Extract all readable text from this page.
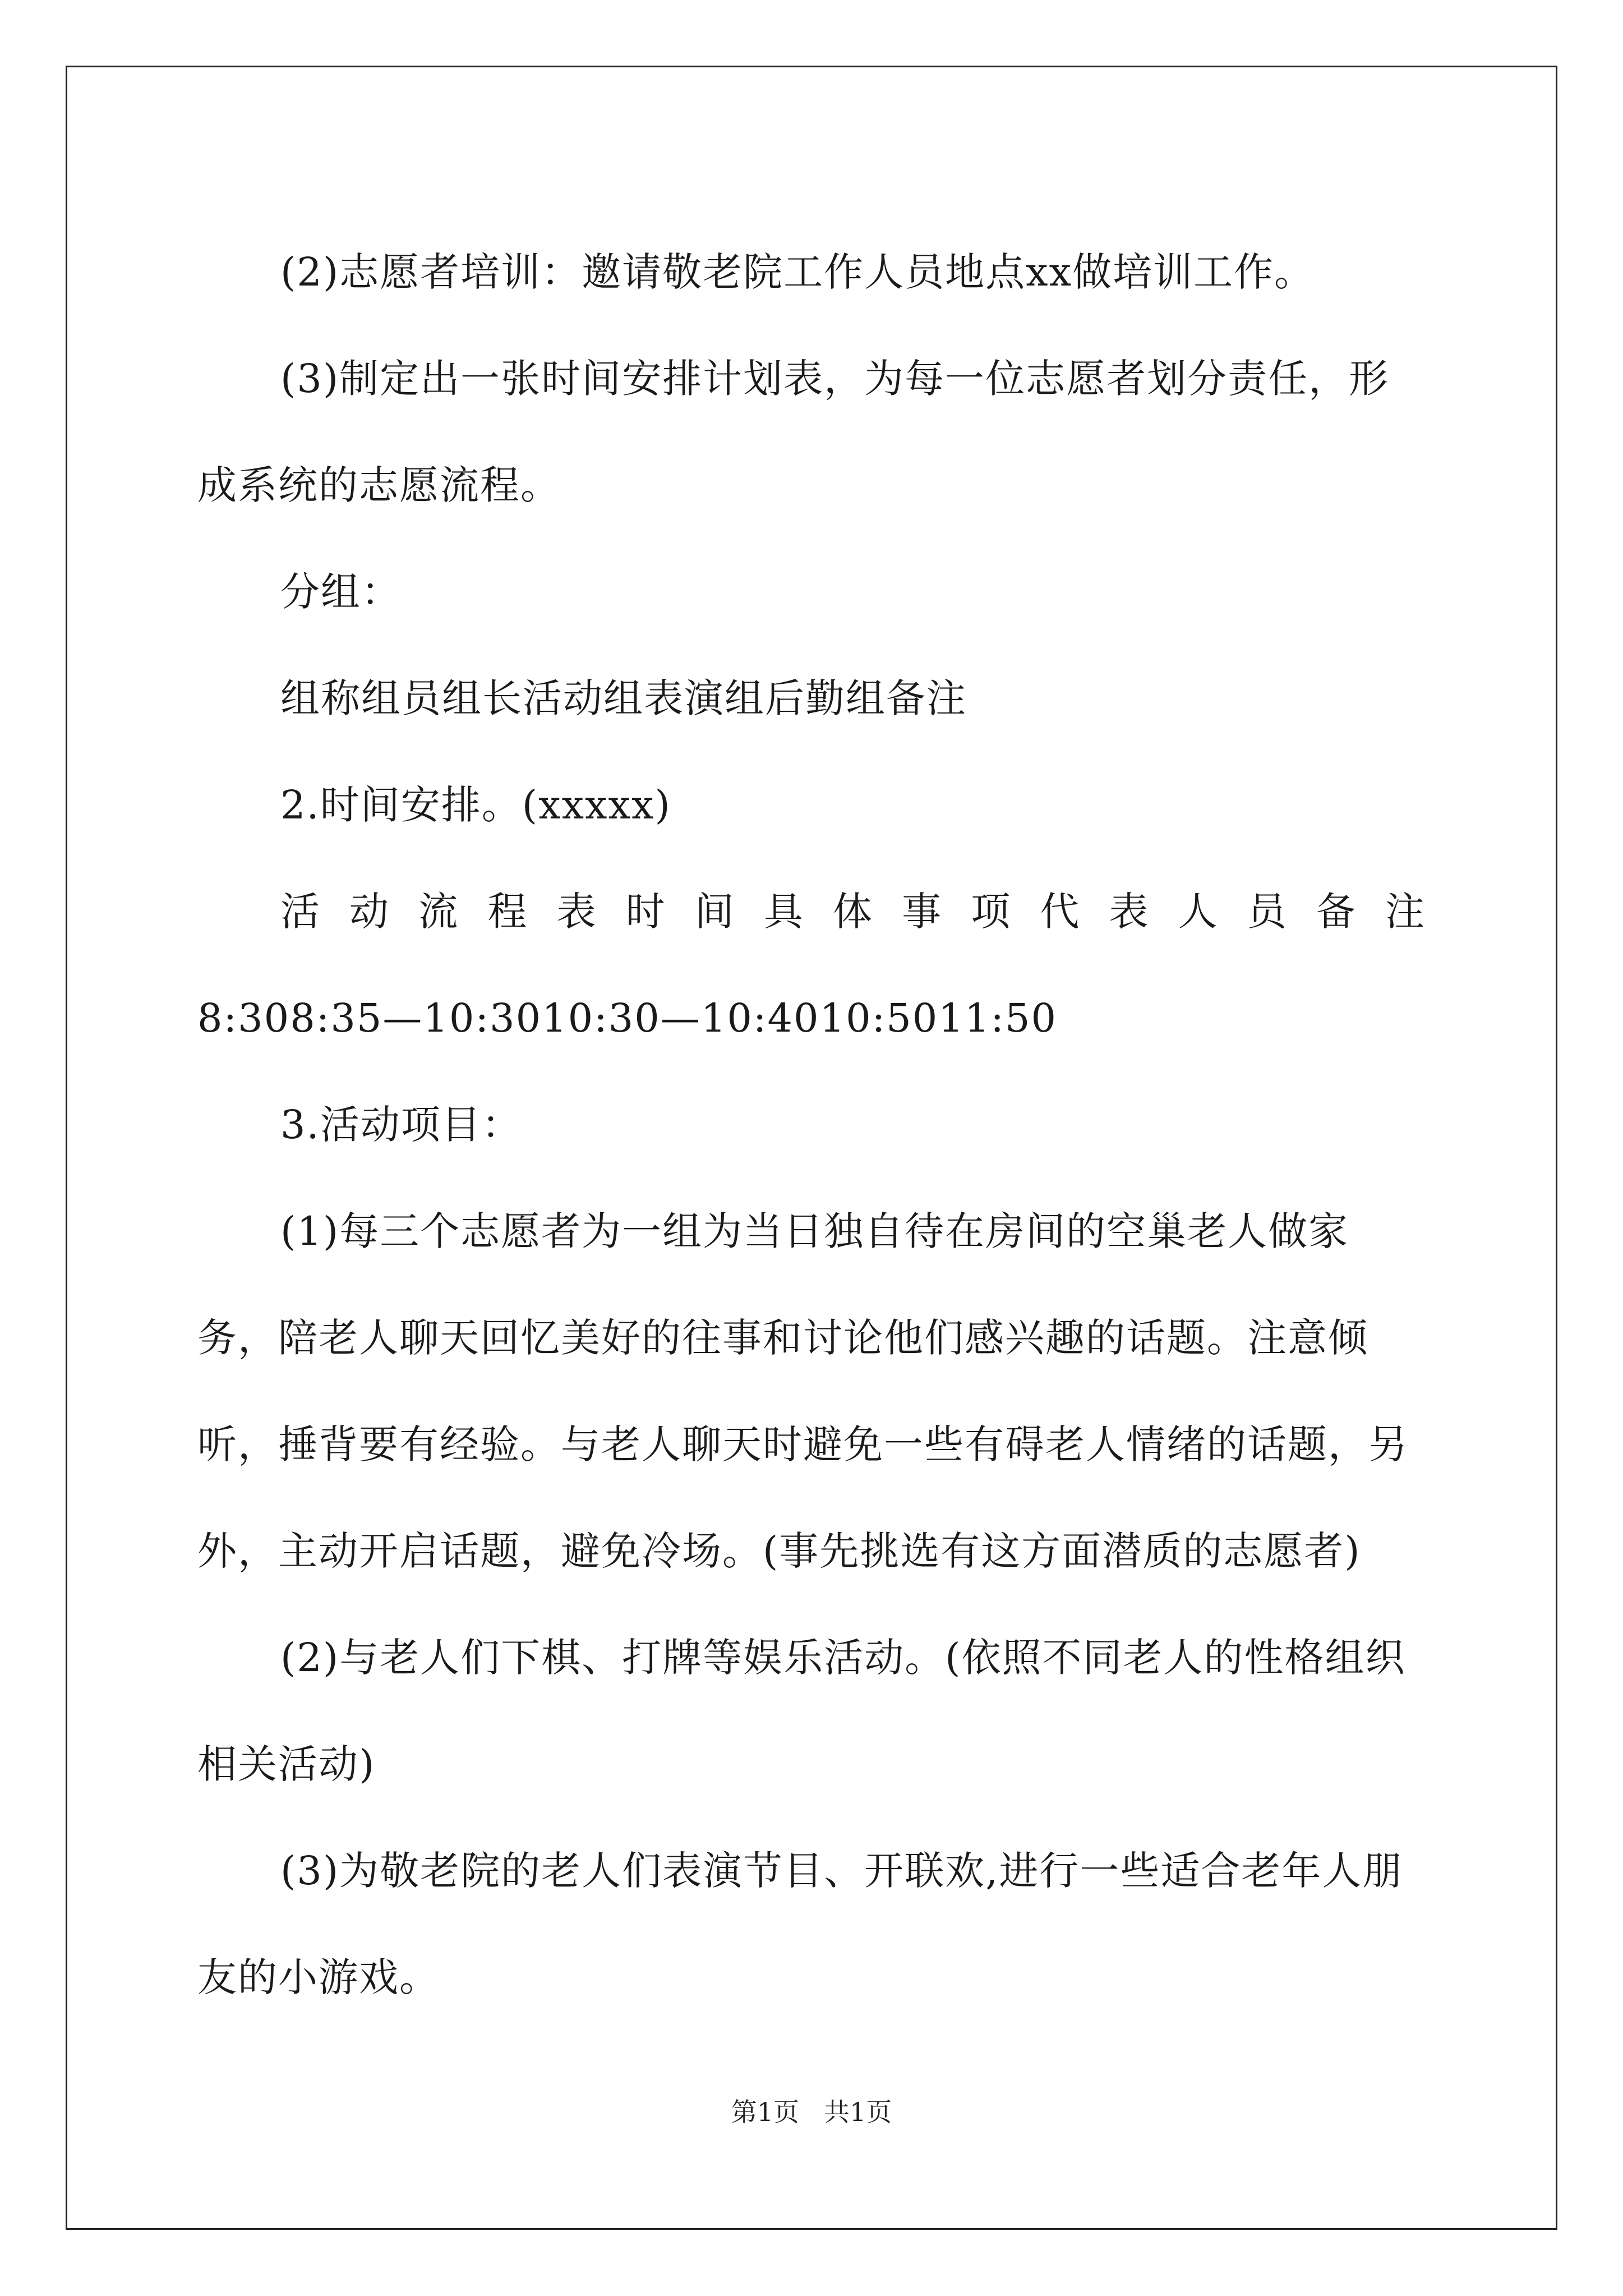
(2)志愿者培训：邀请敬老院工作人员地点xx做培训工作。

(3)制定出一张时间安排计划表，为每一位志愿者划分责任，形成系统的志愿流程。

分组：

组称组员组长活动组表演组后勤组备注

2.时间安排。(xxxxx)

活 动 流 程 表 时 间 具 体 事 项 代 表 人 员 备 注

8:308:35—10:3010:30—10:4010:5011:50

3.活动项目：

(1)每三个志愿者为一组为当日独自待在房间的空巢老人做家务，陪老人聊天回忆美好的往事和讨论他们感兴趣的话题。注意倾听，捶背要有经验。与老人聊天时避免一些有碍老人情绪的话题，另外，主动开启话题，避免冷场。(事先挑选有这方面潜质的志愿者)

(2)与老人们下棋、打牌等娱乐活动。(依照不同老人的性格组织相关活动)

(3)为敬老院的老人们表演节目、开联欢,进行一些适合老年人朋友的小游戏。

第1页 共1页
